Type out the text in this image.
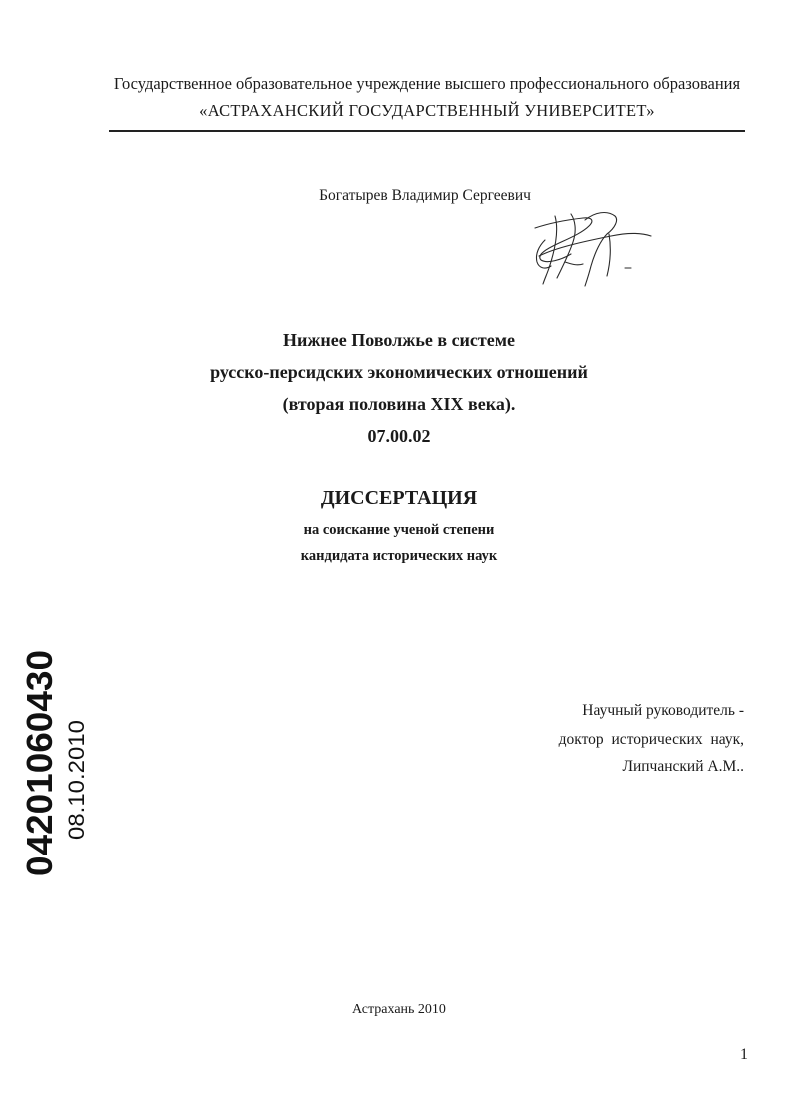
Государственное образовательное учреждение высшего профессионального образования
«АСТРАХАНСКИЙ ГОСУДАРСТВЕННЫЙ УНИВЕРСИТЕТ»
Богатырев Владимир Сергеевич
Нижнее Поволжье в системе
русско-персидских экономических отношений
(вторая половина XIX века).
07.00.02
ДИССЕРТАЦИЯ
на соискание ученой степени
кандидата исторических наук
Научный руководитель -
доктор исторических наук,
Липчанский А.М..
04201060430 08.10.2010
Астрахань 2010
1
